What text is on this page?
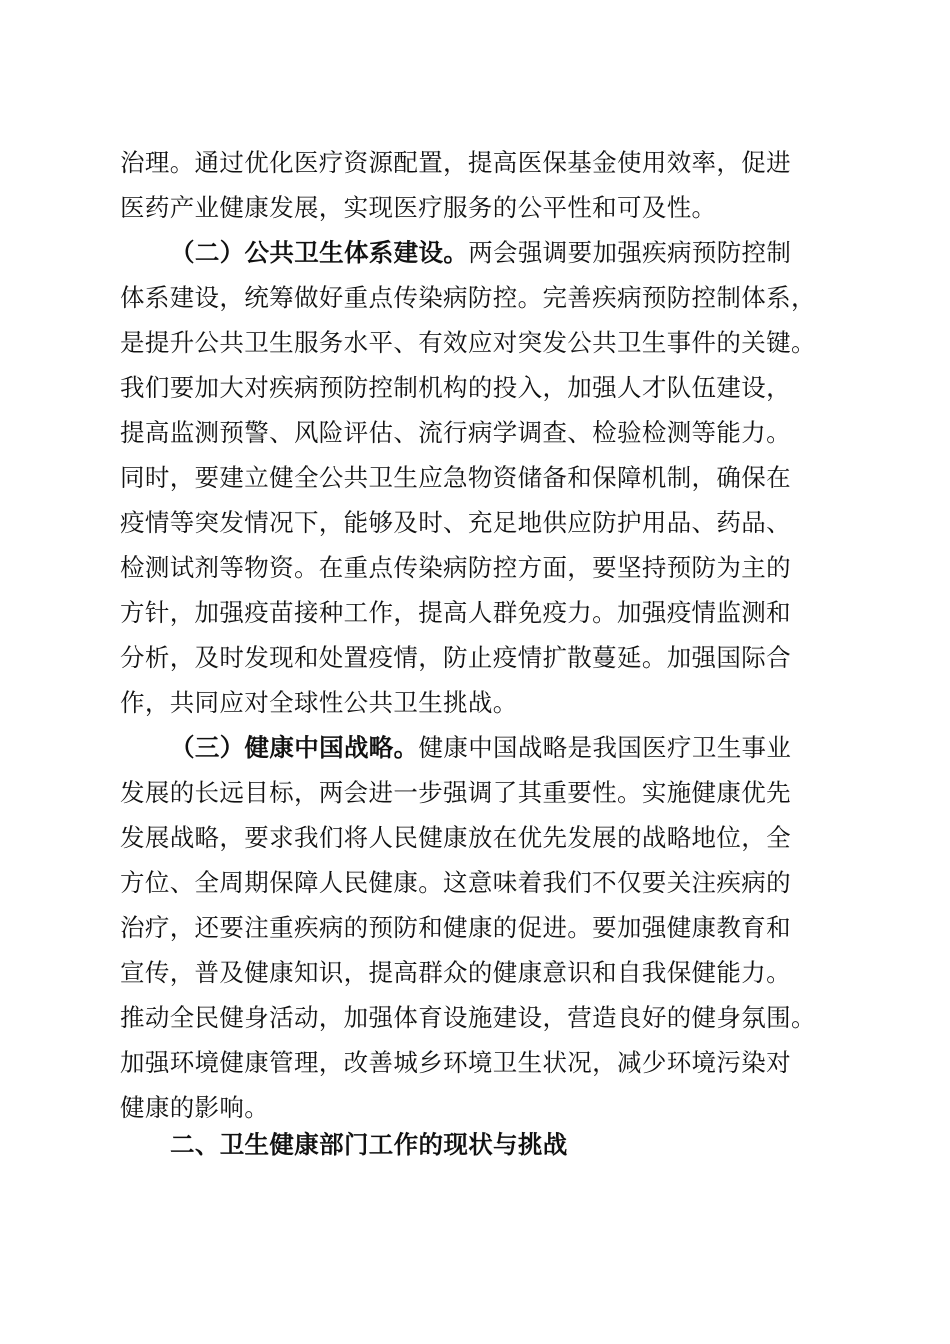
治理。通过优化医疗资源配置，提高医保基金使用效率，促进
医药产业健康发展，实现医疗服务的公平性和可及性。
（二）公共卫生体系建设。两会强调要加强疾病预防控制
体系建设，统筹做好重点传染病防控。完善疾病预防控制体系，
是提升公共卫生服务水平、有效应对突发公共卫生事件的关键。
我们要加大对疾病预防控制机构的投入，加强人才队伍建设，
提高监测预警、风险评估、流行病学调查、检验检测等能力。
同时，要建立健全公共卫生应急物资储备和保障机制，确保在
疫情等突发情况下，能够及时、充足地供应防护用品、药品、
检测试剂等物资。在重点传染病防控方面，要坚持预防为主的
方针，加强疫苗接种工作，提高人群免疫力。加强疫情监测和
分析，及时发现和处置疫情，防止疫情扩散蔓延。加强国际合
作，共同应对全球性公共卫生挑战。
（三）健康中国战略。健康中国战略是我国医疗卫生事业
发展的长远目标，两会进一步强调了其重要性。实施健康优先
发展战略，要求我们将人民健康放在优先发展的战略地位，全
方位、全周期保障人民健康。这意味着我们不仅要关注疾病的
治疗，还要注重疾病的预防和健康的促进。要加强健康教育和
宣传，普及健康知识，提高群众的健康意识和自我保健能力。
推动全民健身活动，加强体育设施建设，营造良好的健身氛围。
加强环境健康管理，改善城乡环境卫生状况，减少环境污染对
健康的影响。
二、卫生健康部门工作的现状与挑战
